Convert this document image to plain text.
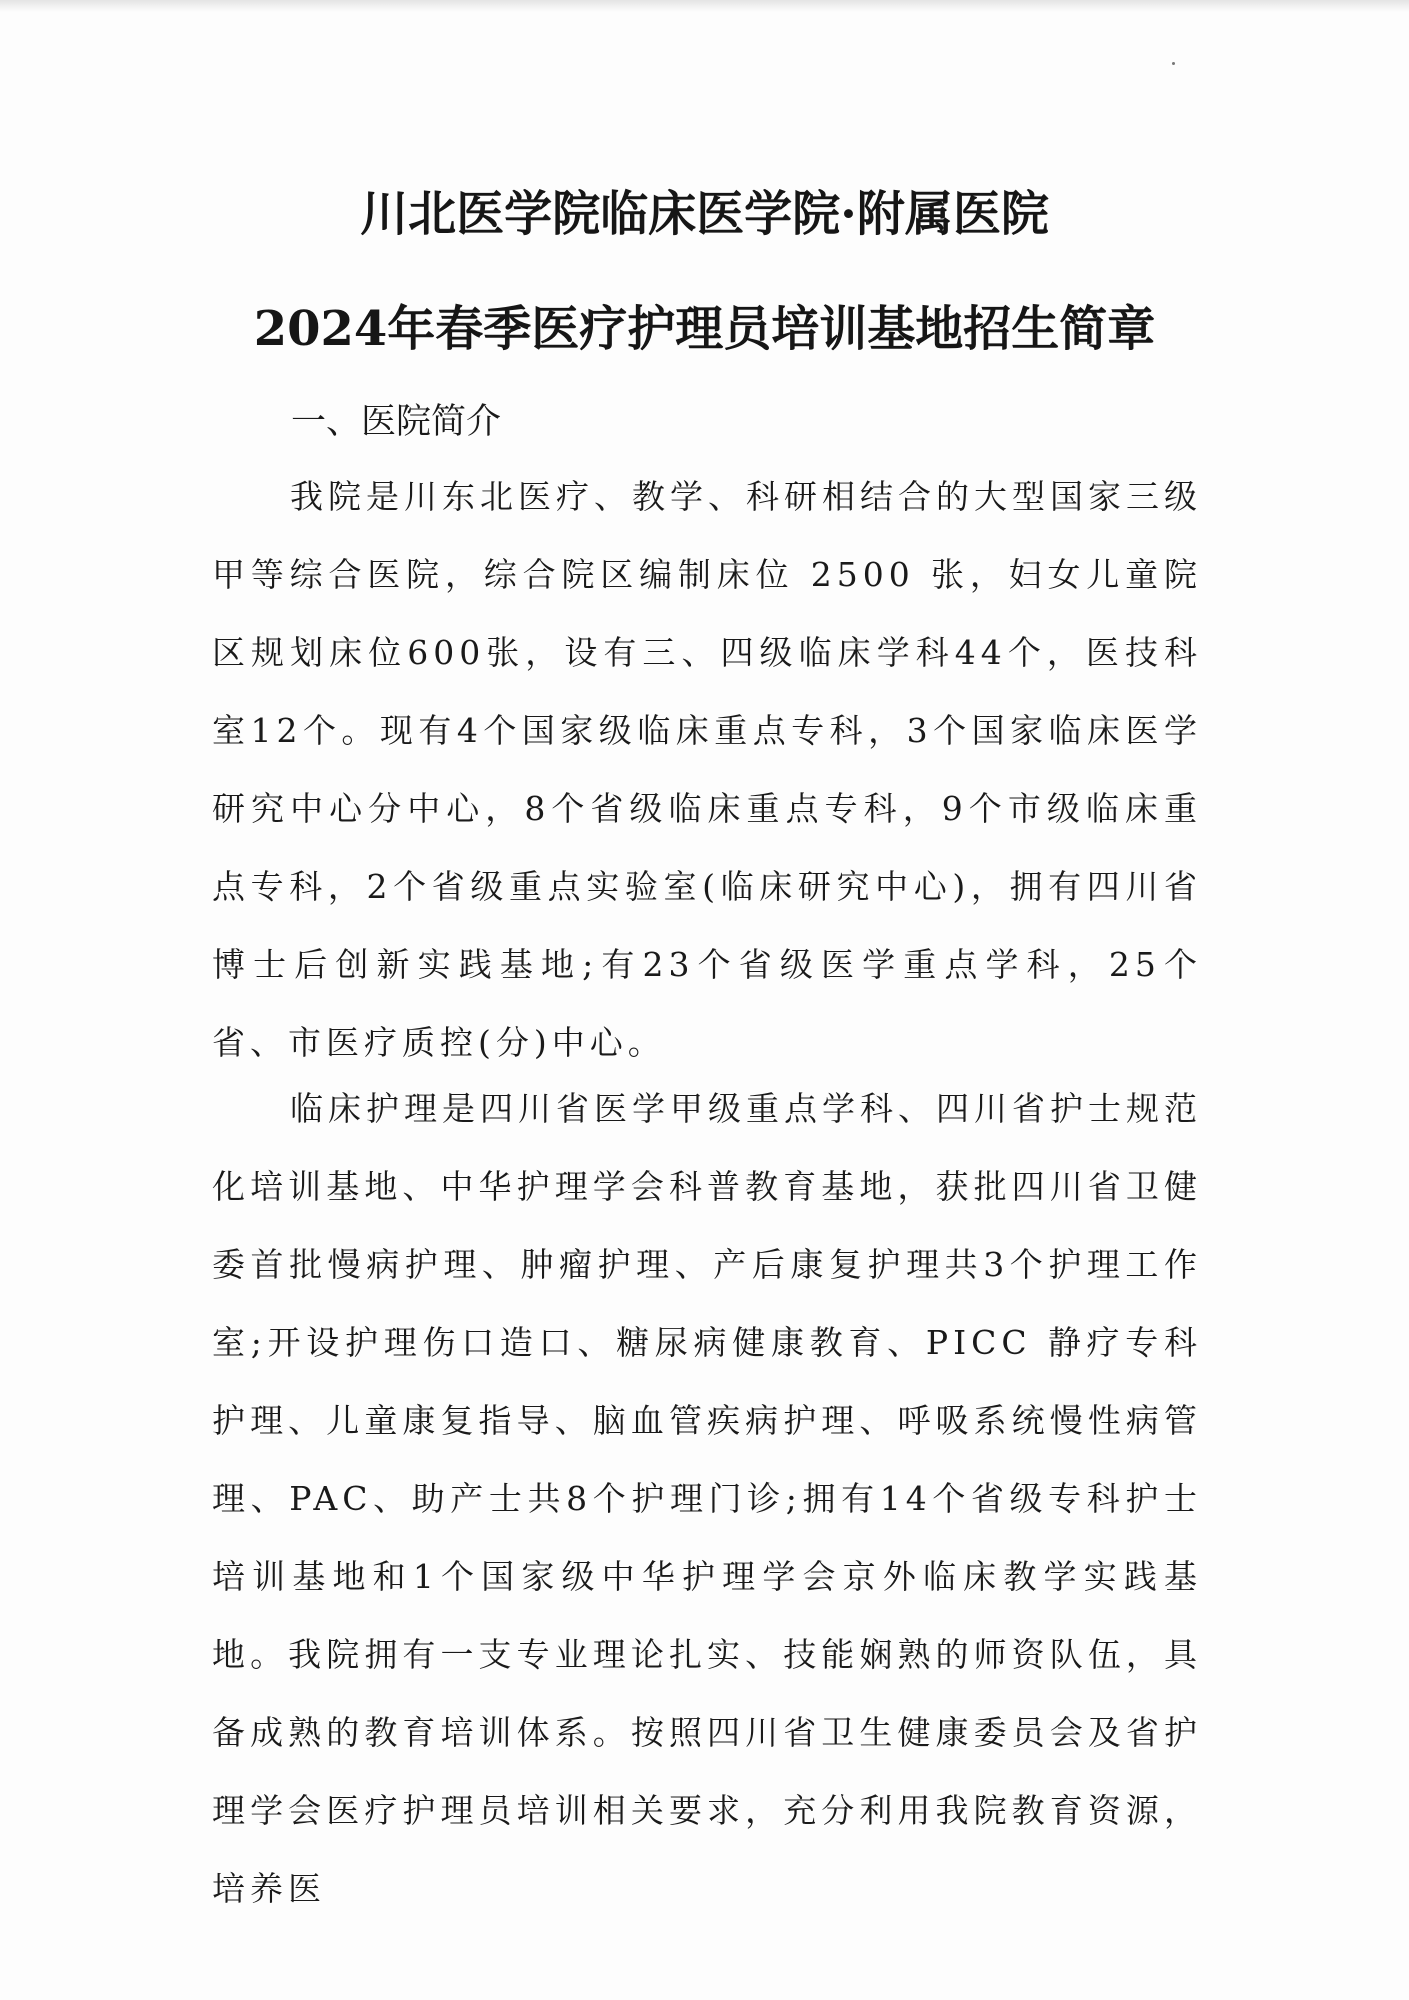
川北医学院临床医学院·附属医院
2024年春季医疗护理员培训基地招生简章
一、医院简介

我院是川东北医疗、教学、科研相结合的大型国家三级甲等综合医院，综合院区编制床位 2500 张，妇女儿童院区规划床位600张，设有三、四级临床学科44个，医技科室12个。现有4个国家级临床重点专科，3个国家临床医学研究中心分中心，8个省级临床重点专科，9个市级临床重点专科，2个省级重点实验室(临床研究中心)，拥有四川省博士后创新实践基地;有23个省级医学重点学科，25个省、市医疗质控(分)中心。

临床护理是四川省医学甲级重点学科、四川省护士规范化培训基地、中华护理学会科普教育基地，获批四川省卫健委首批慢病护理、肿瘤护理、产后康复护理共3个护理工作室;开设护理伤口造口、糖尿病健康教育、PICC 静疗专科护理、儿童康复指导、脑血管疾病护理、呼吸系统慢性病管理、PAC、助产士共8个护理门诊;拥有14个省级专科护士培训基地和1个国家级中华护理学会京外临床教学实践基地。我院拥有一支专业理论扎实、技能娴熟的师资队伍，具备成熟的教育培训体系。按照四川省卫生健康委员会及省护理学会医疗护理员培训相关要求，充分利用我院教育资源，培养医
